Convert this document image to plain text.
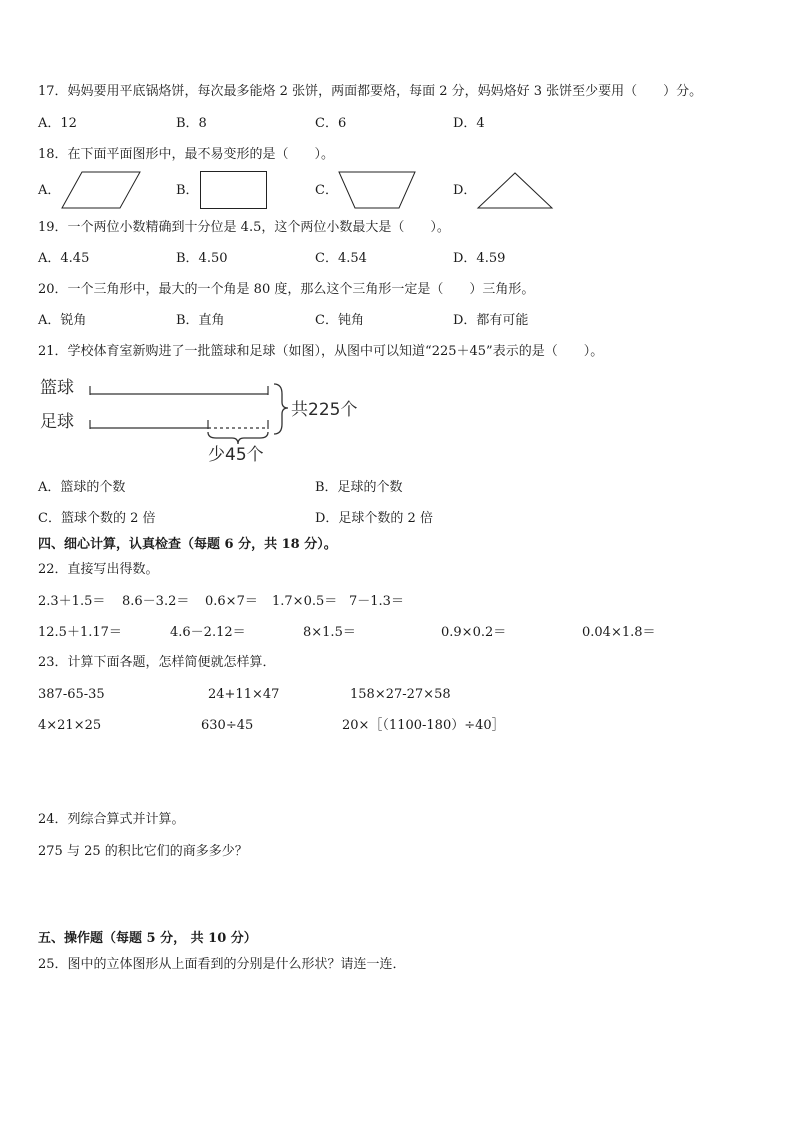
17．妈妈要用平底锅烙饼，每次最多能烙 2 张饼，两面都要烙，每面 2 分，妈妈烙好 3 张饼至少要用（　　）分。
A．12	B．8	C．6	D．4
18．在下面平面图形中，最不易变形的是（　　）。
A．	B．	C．	D．
19．一个两位小数精确到十分位是 4.5，这个两位小数最大是（　　）。
A．4.45	B．4.50	C．4.54	D．4.59
20．一个三角形中，最大的一个角是 80 度，那么这个三角形一定是（　　）三角形。
A．锐角	B．直角	C．钝角	D．都有可能
21．学校体育室新购进了一批篮球和足球（如图），从图中可以知道“225＋45”表示的是（　　）。
篮球
足球
共225个
少45个
A．篮球的个数	B．足球的个数
C．篮球个数的 2 倍	D．足球个数的 2 倍
四、细心计算，认真检查（每题 6 分，共 18 分）。
22．直接写出得数。
2.3＋1.5＝ 8.6－3.2＝ 0.6×7＝ 1.7×0.5＝ 7－1.3＝
12.5＋1.17＝	4.6－2.12＝	8×1.5＝	0.9×0.2＝	0.04×1.8＝
23．计算下面各题，怎样简便就怎样算．
387-65-35	24+11×47	158×27-27×58
4×21×25	630÷45	20×［（1100-180）÷40］
24．列综合算式并计算。
275 与 25 的积比它们的商多多少？
五、操作题（每题 5 分， 共 10 分）
25．图中的立体图形从上面看到的分别是什么形状？请连一连．
